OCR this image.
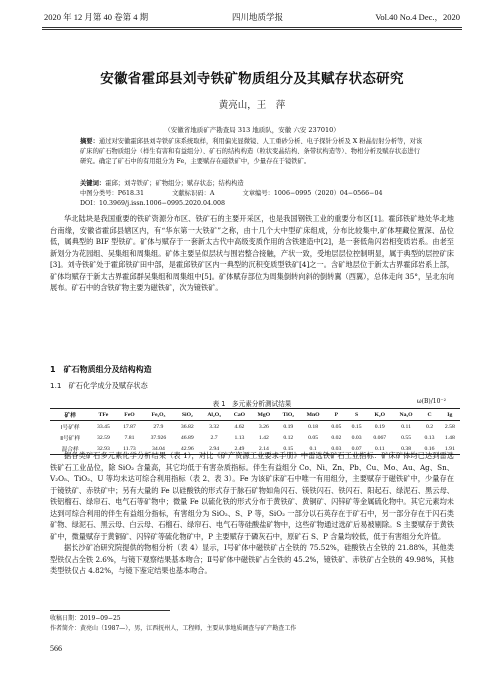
2020 年 12 月第 40 卷第 4 期	四川地质学报	Vol.40 No.4 Dec.，2020
安徽省霍邱县刘寺铁矿物质组分及其赋存状态研究
黄亮山，王　萍
（安徽省地质矿产勘查局 313 地质队，安徽 六安 237010）
摘要：通过对安徽霍邱县刘寺铁矿床系统取样，利用偏光显微镜、人工重砂分析、电子探针分析及 X 粉晶衍射分析等，对该矿床的矿石物质组分（样生有害和有益组分）、矿石的结构构造（粒状变晶结构、条带状构造等）、物相分析及赋存状态进行研究。确定了矿石中的有用组分为 Fe，主要赋存在磁铁矿中，少量存在于镜铁矿。
关键词：霍邱；刘寺铁矿；矿物组分；赋存状态；结构构造
中图分类号：P618.31	文献标识码：A	文章编号：1006−0995（2020）04−0566−04
DOI：10.3969/j.issn.1006−0995.2020.04.008

华北陆块是我国重要的铁矿资源分布区、铁矿石的主要开采区，也是我国钢铁工业的重要分布区[1]。霍邱铁矿地处华北地台南缘，安徽省霍邱县辖区内，有“华东第一大铁矿”之称，由十几个大中型矿床组成，分布比较集中,矿体埋藏位置深、品位低，属典型的 BIF 型铁矿。矿体与赋存于一套新太古代中高级变质作用的含铁建造中[2]，是一套低角闪岩相变质岩系。由老至新划分为花园组、吴集组和周集组。矿体主要呈似层状与围岩整合接触，产状一致，受地层层位控制明显，属于典型的层控矿床[3]。刘寺铁矿处于霍邱铁矿田中部，是霍邱铁矿区内一典型的沉积变质型铁矿[4]之一。含矿地层位于新太古界霍邱岩系上部，矿体均赋存于新太古界霍邱群吴集组和周集组中[5]。矿体赋存部位为周集倒转向斜的倒转翼（西翼），总体走向 35°，呈北东向展布。矿石中的含铁矿物主要为磁铁矿，次为镜铁矿。

1　矿石物质组分及结构构造
1.1　矿石化学成分及赋存状态
表 1　多元素分析测试结果	ω(B)/10⁻²
矿样	TFe	FeO	Fe₂O₃	SiO₂	Al₂O₃	CaO	MgO	TiO₂	MnO	P	S	K₂O	Na₂O	C	Ig
Ⅰ号矿样	33.45	17.87	27.9	36.82	3.32	4.62	3.26	0.19	0.18	0.05	0.15	0.19	0.11	0.2	2.58
Ⅱ号矿样	32.59	7.81	37.926	46.89	2.7	1.13	1.42	0.12	0.05	0.02	0.03	0.067	0.55	0.13	1.48
混合样	32.93	11.73	34.04	42.96	2.94	2.49	2.14	0.15	0.1	0.03	0.07	0.11	0.38	0.16	1.91

据各类矿石多元素化学分析结果（表 1），对比《矿产资源工业要求手册》中雷选铁矿石工业指标：矿床矿体均已达到雷选铁矿石工业品位，除 SiO₂ 含量高，其它均低于有害杂质指标。伴生有益组分 Co、Ni、Zn、Pb、Cu、Mo、Au、Ag、Sn、V₂O₅、TiO₂、U 等均未达可综合利用指标（表 2、表 3）。Fe 为该矿床矿石中唯一有用组分，主要赋存于磁铁矿中，少量存在于镜铁矿、赤铁矿中；另有大量的 Fe 以硅酸铁的形式存于脉石矿物如角闪石、镁铁闪石、铁闪石、阳起石、绿泥石、黑云母、铁铝榴石、绿帘石、电气石等矿物中；微量 Fe 以硫化铁的形式分布于黄铁矿、黄铜矿、闪锌矿等金属硫化物中。其它元素均未达到可综合利用的伴生有益组分指标，有害组分为 SiO₂、S、P 等，SiO₂ 一部分以石英存在于矿石中，另一部分存在于闪石类矿物、绿泥石、黑云母、白云母、石榴石、绿帘石、电气石等硅酸盐矿物中，这些矿物通过选矿后易被剔除。S 主要赋存于黄铁矿中，微量赋存于黄铜矿、闪锌矿等硫化物矿中，P 主要赋存于磷灰石中，原矿石 S、P 含量均较低，低于有害组分允许值。

据长沙矿冶研究院提供的物相分析（表 4）显示，Ⅰ号矿体中磁铁矿占全铁的 75.52%，硅酸铁占全铁的 21.88%，其他类型铁仅占全铁 2.6%，与镜下观察结果基本吻合；Ⅱ号矿体中磁铁矿占全铁的 45.2%，镜铁矿、赤铁矿占全铁的 49.98%，其他类型铁仅占 4.82%，与镜下鉴定结果也基本吻合。

收稿日期：2019−09−25
作者简介：黄亮山（1987—），男，江西抚州人，工程师，主要从事地质调查与矿产勘查工作
566
